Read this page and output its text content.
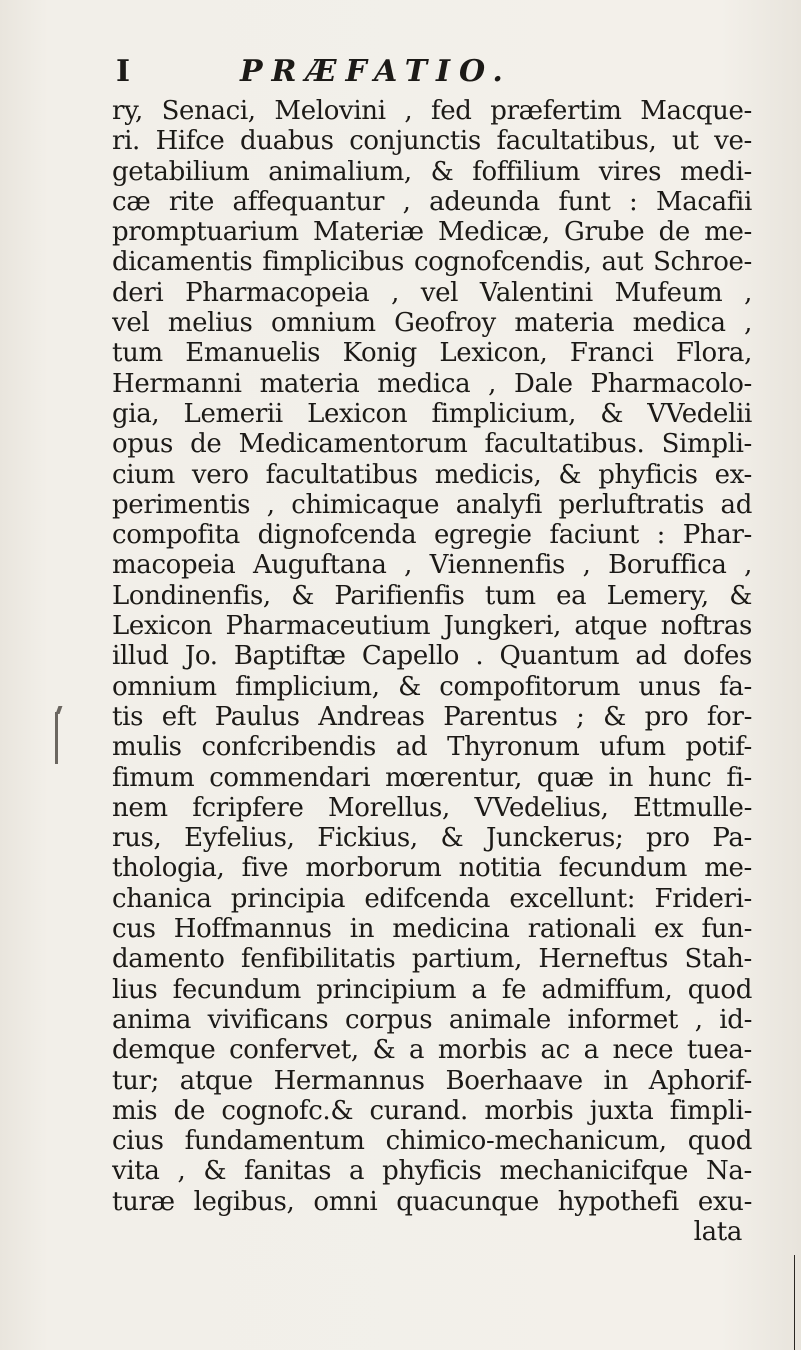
I	PRÆFATIO.
ry, Senaci, Melovini , fed præfertim Macque-
ri. Hifce duabus conjunctis facultatibus, ut ve-
getabilium animalium, & foffilium vires medi-
cæ rite affequantur , adeunda funt : Macafii
promptuarium Materiæ Medicæ, Grube de me-
dicamentis fimplicibus cognofcendis, aut Schroe-
deri Pharmacopeia , vel Valentini Mufeum ,
vel melius omnium Geofroy materia medica ,
tum Emanuelis Konig Lexicon, Franci Flora,
Hermanni materia medica , Dale Pharmacolo-
gia, Lemerii Lexicon fimplicium, & VVedelii
opus de Medicamentorum facultatibus. Simpli-
cium vero facultatibus medicis, & phyficis ex-
perimentis , chimicaque analyfi perluftratis ad
compofita dignofcenda egregie faciunt : Phar-
macopeia Auguftana , Viennenfis , Boruffica ,
Londinenfis, & Parifienfis tum ea Lemery, &
Lexicon Pharmaceutium Jungkeri, atque noftras
illud Jo. Baptiftæ Capello . Quantum ad dofes
omnium fimplicium, & compofitorum unus fa-
tis eft Paulus Andreas Parentus ; & pro for-
mulis confcribendis ad Thyronum ufum potif-
fimum commendari mœrentur, quæ in hunc fi-
nem fcripfere Morellus, VVedelius, Ettmulle-
rus, Eyfelius, Fickius, & Junckerus; pro Pa-
thologia, five morborum notitia fecundum me-
chanica principia edifcenda excellunt: Frideri-
cus Hoffmannus in medicina rationali ex fun-
damento fenfibilitatis partium, Herneftus Stah-
lius fecundum principium a fe admiffum, quod
anima vivificans corpus animale informet , id-
demque confervet, & a morbis ac a nece tuea-
tur; atque Hermannus Boerhaave in Aphorif-
mis de cognofc.& curand. morbis juxta fimpli-
cius fundamentum chimico-mechanicum, quod
vita , & fanitas a phyficis mechanicifque Na-
turæ legibus, omni quacunque hypothefi exu-
lata
